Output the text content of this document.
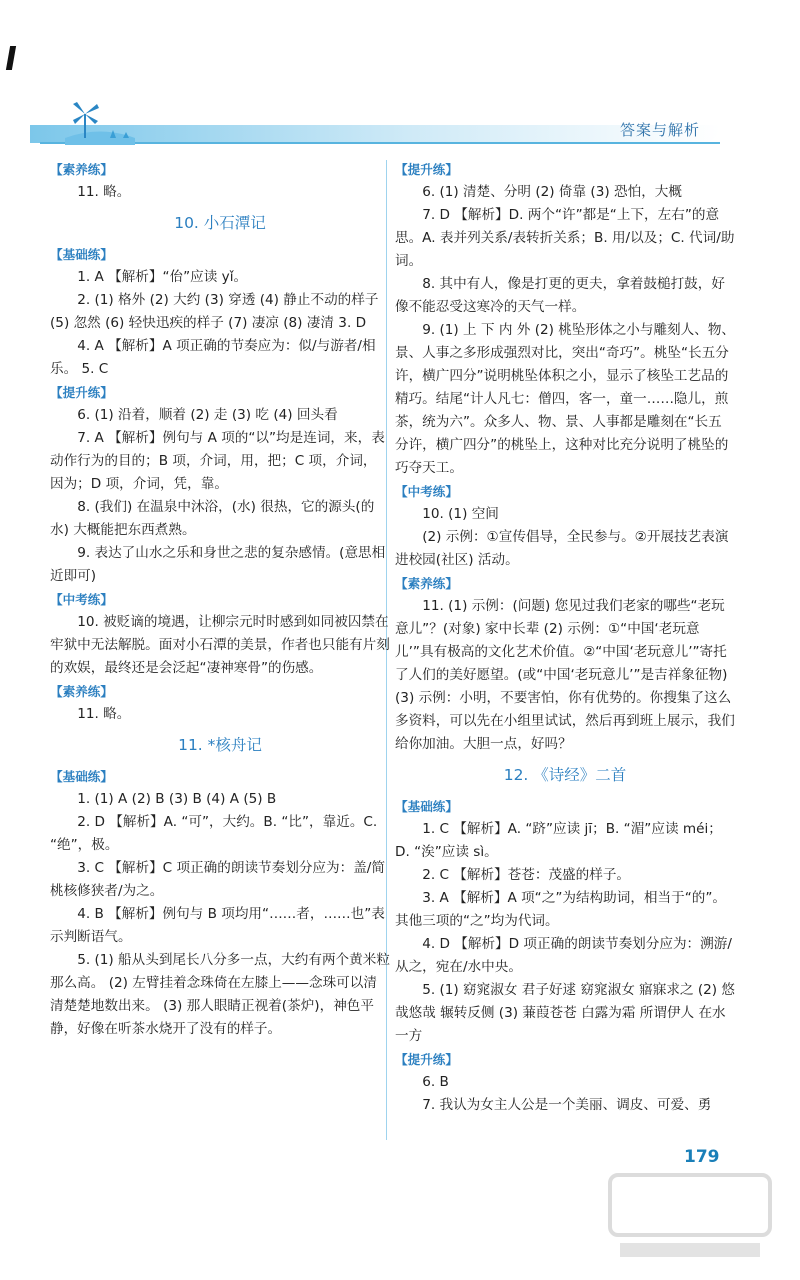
答案与解析
【素养练】
11. 略。
10. 小石潭记
【基础练】
1. A 【解析】“佁”应读 yǐ。
2. (1) 格外 (2) 大约 (3) 穿透 (4) 静止不动的样子 (5) 忽然 (6) 轻快迅疾的样子 (7) 凄凉 (8) 凄清 3. D
4. A 【解析】A 项正确的节奏应为：似/与游者/相乐。 5. C
【提升练】
6. (1) 沿着，顺着 (2) 走 (3) 吃 (4) 回头看
7. A 【解析】例句与 A 项的“以”均是连词，来，表动作行为的目的；B 项，介词，用，把；C 项，介词，因为；D 项，介词，凭，靠。
8. (我们) 在温泉中沐浴，(水) 很热，它的源头(的水) 大概能把东西煮熟。
9. 表达了山水之乐和身世之悲的复杂感情。(意思相近即可)
【中考练】
10. 被贬谪的境遇，让柳宗元时时感到如同被囚禁在牢狱中无法解脱。面对小石潭的美景，作者也只能有片刻的欢娱，最终还是会泛起“凄神寒骨”的伤感。
【素养练】
11. 略。
11. *核舟记
【基础练】
1. (1) A (2) B (3) B (4) A (5) B
2. D 【解析】A. “可”，大约。B. “比”，靠近。C. “绝”，极。
3. C 【解析】C 项正确的朗读节奏划分应为：盖/简桃核修狭者/为之。
4. B 【解析】例句与 B 项均用“……者，……也”表示判断语气。
5. (1) 船从头到尾长八分多一点，大约有两个黄米粒那么高。 (2) 左臂挂着念珠倚在左膝上——念珠可以清清楚楚地数出来。 (3) 那人眼睛正视着(茶炉)，神色平静，好像在听茶水烧开了没有的样子。
【提升练】
6. (1) 清楚、分明 (2) 倚靠 (3) 恐怕，大概
7. D 【解析】D. 两个“许”都是“上下，左右”的意思。A. 表并列关系/表转折关系；B. 用/以及；C. 代词/助词。
8. 其中有人，像是打更的更夫，拿着鼓槌打鼓，好像不能忍受这寒冷的天气一样。
9. (1) 上 下 内 外 (2) 桃坠形体之小与雕刻人、物、景、人事之多形成强烈对比，突出“奇巧”。桃坠“长五分许，横广四分”说明桃坠体积之小，显示了核坠工艺品的精巧。结尾“计人凡七：僧四，客一，童一……隐儿，煎茶，统为六”。众多人、物、景、人事都是雕刻在“长五分许，横广四分”的桃坠上，这种对比充分说明了桃坠的巧夺天工。
【中考练】
10. (1) 空间
(2) 示例：①宣传倡导，全民参与。②开展技艺表演进校园(社区) 活动。
【素养练】
11. (1) 示例：(问题) 您见过我们老家的哪些“老玩意儿”？(对象) 家中长辈 (2) 示例：①“中国‘老玩意儿’”具有极高的文化艺术价值。②“中国‘老玩意儿’”寄托了人们的美好愿望。(或“中国‘老玩意儿’”是吉祥象征物) (3) 示例：小明，不要害怕，你有优势的。你搜集了这么多资料，可以先在小组里试试，然后再到班上展示，我们给你加油。大胆一点，好吗？
12. 《诗经》二首
【基础练】
1. C 【解析】A. “跻”应读 jī；B. “湄”应读 méi；D. “涘”应读 sì。
2. C 【解析】苍苍：茂盛的样子。
3. A 【解析】A 项“之”为结构助词，相当于“的”。其他三项的“之”均为代词。
4. D 【解析】D 项正确的朗读节奏划分应为：溯游/从之，宛在/水中央。
5. (1) 窈窕淑女 君子好逑 窈窕淑女 寤寐求之 (2) 悠哉悠哉 辗转反侧 (3) 蒹葭苍苍 白露为霜 所谓伊人 在水一方
【提升练】
6. B
7. 我认为女主人公是一个美丽、调皮、可爱、勇
179
